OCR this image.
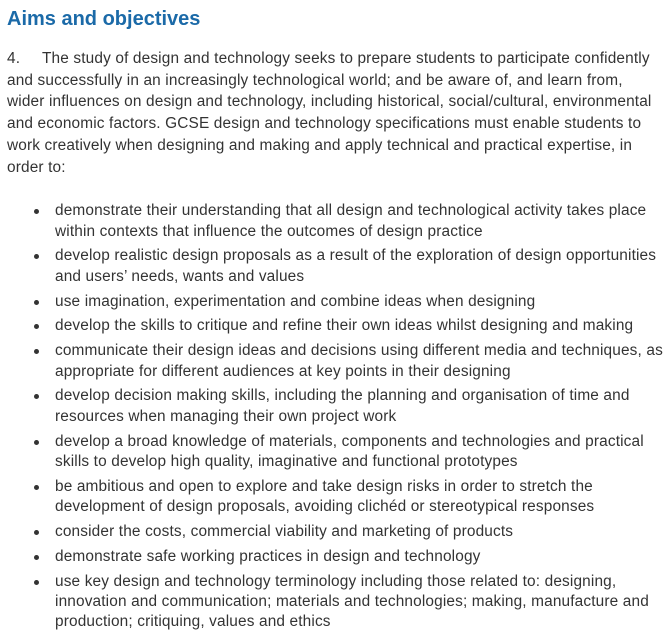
Aims and objectives

4. The study of design and technology seeks to prepare students to participate confidently and successfully in an increasingly technological world; and be aware of, and learn from, wider influences on design and technology, including historical, social/cultural, environmental and economic factors. GCSE design and technology specifications must enable students to work creatively when designing and making and apply technical and practical expertise, in order to:

demonstrate their understanding that all design and technological activity takes place within contexts that influence the outcomes of design practice
develop realistic design proposals as a result of the exploration of design opportunities and users’ needs, wants and values
use imagination, experimentation and combine ideas when designing
develop the skills to critique and refine their own ideas whilst designing and making
communicate their design ideas and decisions using different media and techniques, as appropriate for different audiences at key points in their designing
develop decision making skills, including the planning and organisation of time and resources when managing their own project work
develop a broad knowledge of materials, components and technologies and practical skills to develop high quality, imaginative and functional prototypes
be ambitious and open to explore and take design risks in order to stretch the development of design proposals, avoiding clichéd or stereotypical responses
consider the costs, commercial viability and marketing of products
demonstrate safe working practices in design and technology
use key design and technology terminology including those related to: designing, innovation and communication; materials and technologies; making, manufacture and production; critiquing, values and ethics
